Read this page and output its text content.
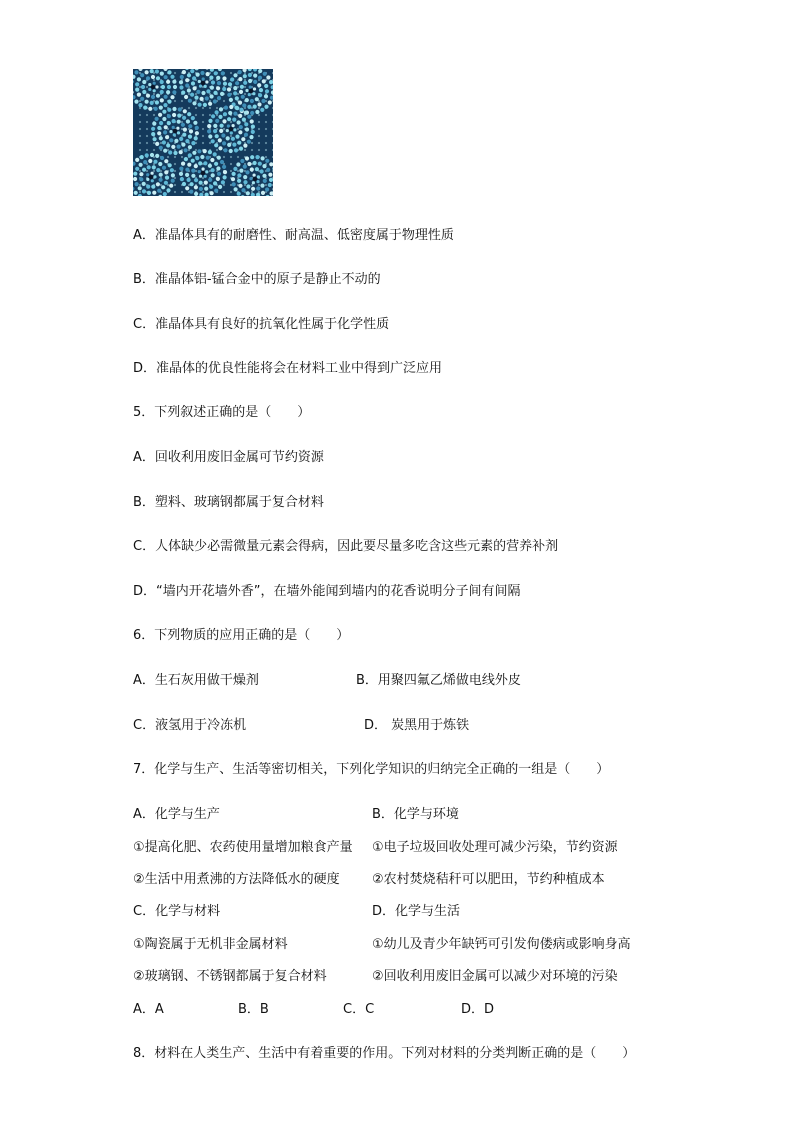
A．准晶体具有的耐磨性、耐高温、低密度属于物理性质
B．准晶体铝-锰合金中的原子是静止不动的
C．准晶体具有良好的抗氧化性属于化学性质
D．准晶体的优良性能将会在材料工业中得到广泛应用
5．下列叙述正确的是（　　）
A．回收利用废旧金属可节约资源
B．塑料、玻璃钢都属于复合材料
C．人体缺少必需微量元素会得病，因此要尽量多吃含这些元素的营养补剂
D．“墙内开花墙外香”，在墙外能闻到墙内的花香说明分子间有间隔
6．下列物质的应用正确的是（　　）
A．生石灰用做干燥剂	B．用聚四氟乙烯做电线外皮
C．液氢用于冷冻机	D． 炭黑用于炼铁
7．化学与生产、生活等密切相关，下列化学知识的归纳完全正确的一组是（　　）
A．化学与生产	B．化学与环境
①提高化肥、农药使用量增加粮食产量 ①电子垃圾回收处理可减少污染，节约资源
②生活中用煮沸的方法降低水的硬度 ②农村焚烧秸秆可以肥田，节约种植成本
C．化学与材料	D．化学与生活
①陶瓷属于无机非金属材料	①幼儿及青少年缺钙可引发佝偻病或影响身高
②玻璃钢、不锈钢都属于复合材料	②回收利用废旧金属可以减少对环境的污染
A．A	B．B	C．C	D．D
8．材料在人类生产、生活中有着重要的作用。下列对材料的分类判断正确的是（　　）
